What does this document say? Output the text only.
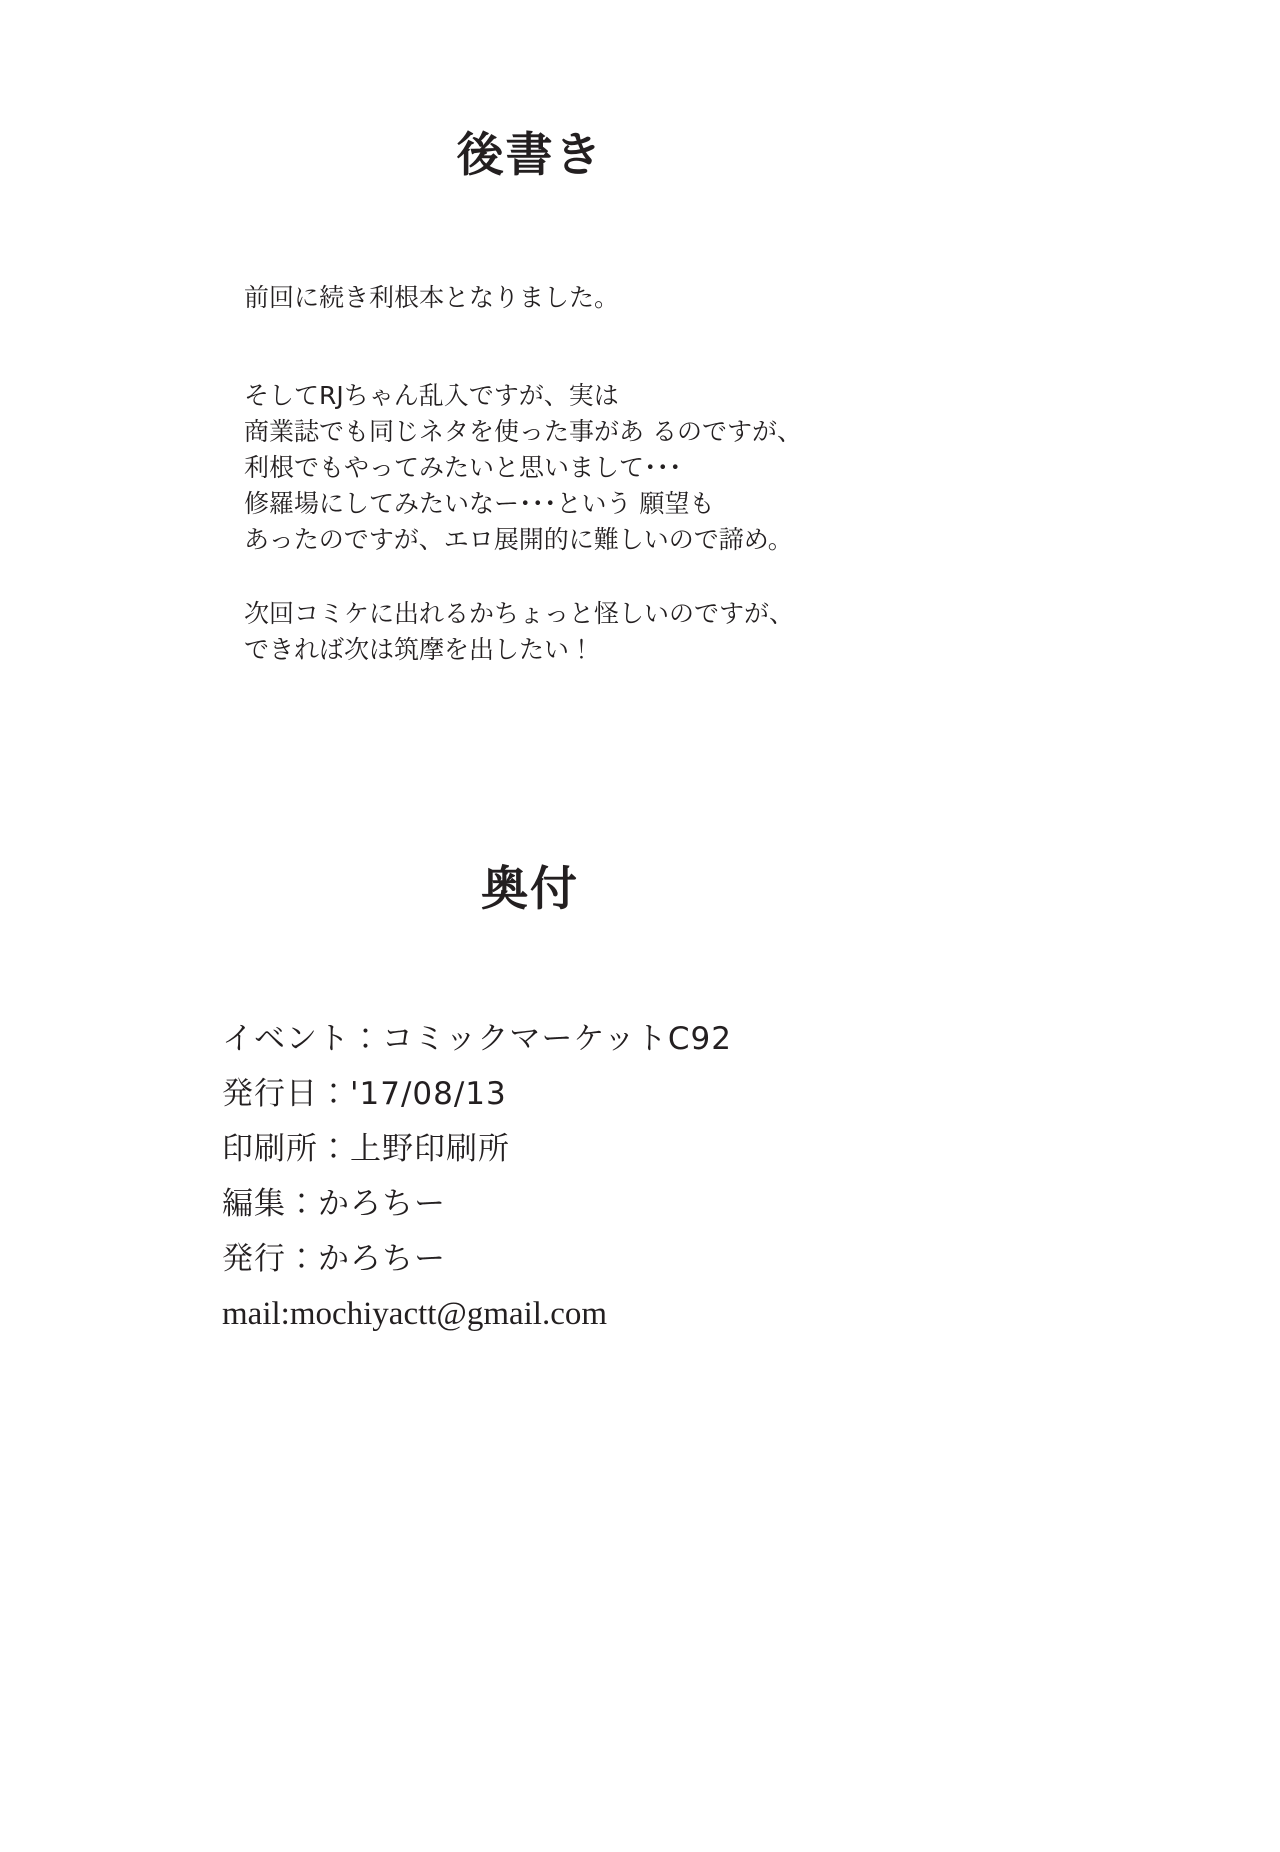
後書き
前回に続き利根本となりました。
そしてRJちゃん乱入ですが、実は
商業誌でも同じネタを使った事があ るのですが、
利根でもやってみたいと思いまして･･･
修羅場にしてみたいなー･･･という 願望も
あったのですが、エロ展開的に難しいので諦め。
次回コミケに出れるかちょっと怪しいのですが、
できれば次は筑摩を出したい！
奥付
イベント：コミックマーケットC92
発行日：'17/08/13
印刷所：上野印刷所
編集：かろちー
発行：かろちー
mail:mochiyactt@gmail.com
